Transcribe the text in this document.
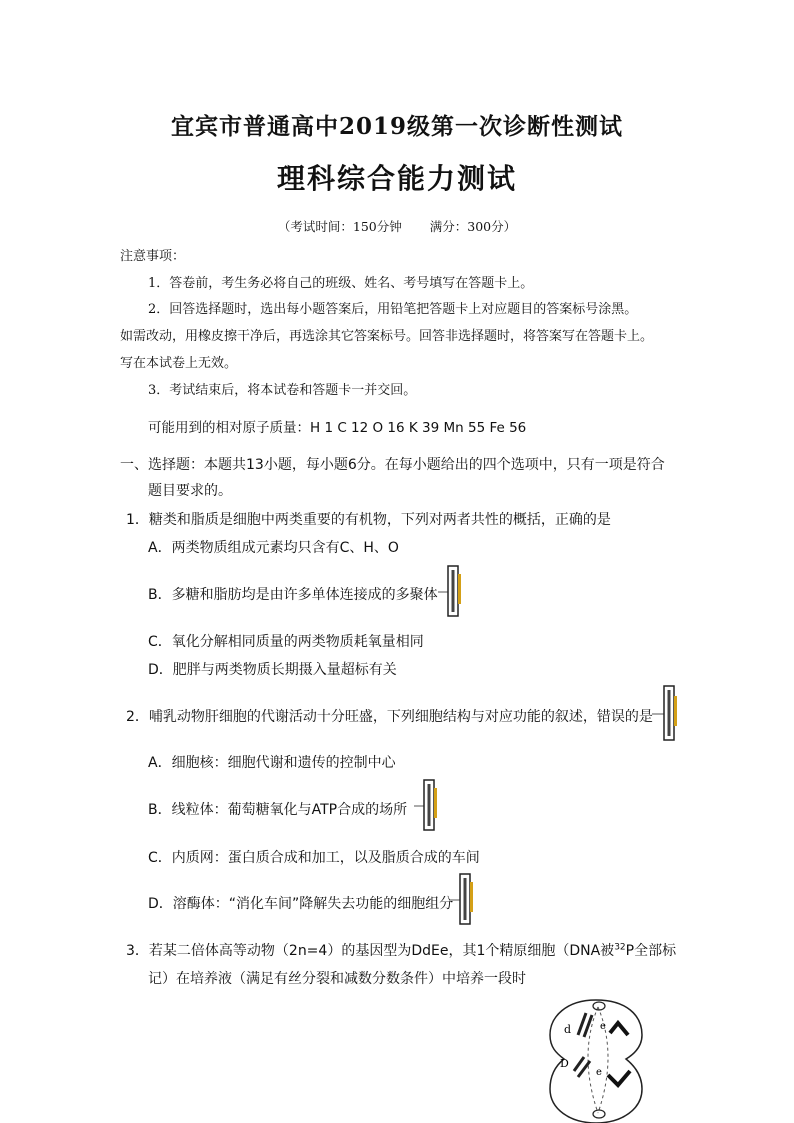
宜宾市普通高中2019级第一次诊断性测试
理科综合能力测试
（考试时间：150分钟 满分：300分）
注意事项：
1．答卷前，考生务必将自己的班级、姓名、考号填写在答题卡上。
2．回答选择题时，选出每小题答案后，用铅笔把答题卡上对应题目的答案标号涂黑。
如需改动，用橡皮擦干净后，再选涂其它答案标号。回答非选择题时，将答案写在答题卡上。
写在本试卷上无效。
3．考试结束后，将本试卷和答题卡一并交回。
可能用到的相对原子质量：H 1 C 12 O 16 K 39 Mn 55 Fe 56
一、选择题：本题共13小题，每小题6分。在每小题给出的四个选项中，只有一项是符合
题目要求的。
1．糖类和脂质是细胞中两类重要的有机物，下列对两者共性的概括，正确的是
A．两类物质组成元素均只含有C、H、O
B．多糖和脂肪均是由许多单体连接成的多聚体
C．氧化分解相同质量的两类物质耗氧量相同
D．肥胖与两类物质长期摄入量超标有关
2．哺乳动物肝细胞的代谢活动十分旺盛，下列细胞结构与对应功能的叙述，错误的是
A．细胞核：细胞代谢和遗传的控制中心
B．线粒体：葡萄糖氧化与ATP合成的场所
C．内质网：蛋白质合成和加工，以及脂质合成的车间
D．溶酶体：“消化车间”降解失去功能的细胞组分
3．若某二倍体高等动物（2n=4）的基因型为DdEe，其1个精原细胞（DNA被$^{32}$P全部标
记）在培养液（满足有丝分裂和减数分数条件）中培养一段时
d
D
e
e
